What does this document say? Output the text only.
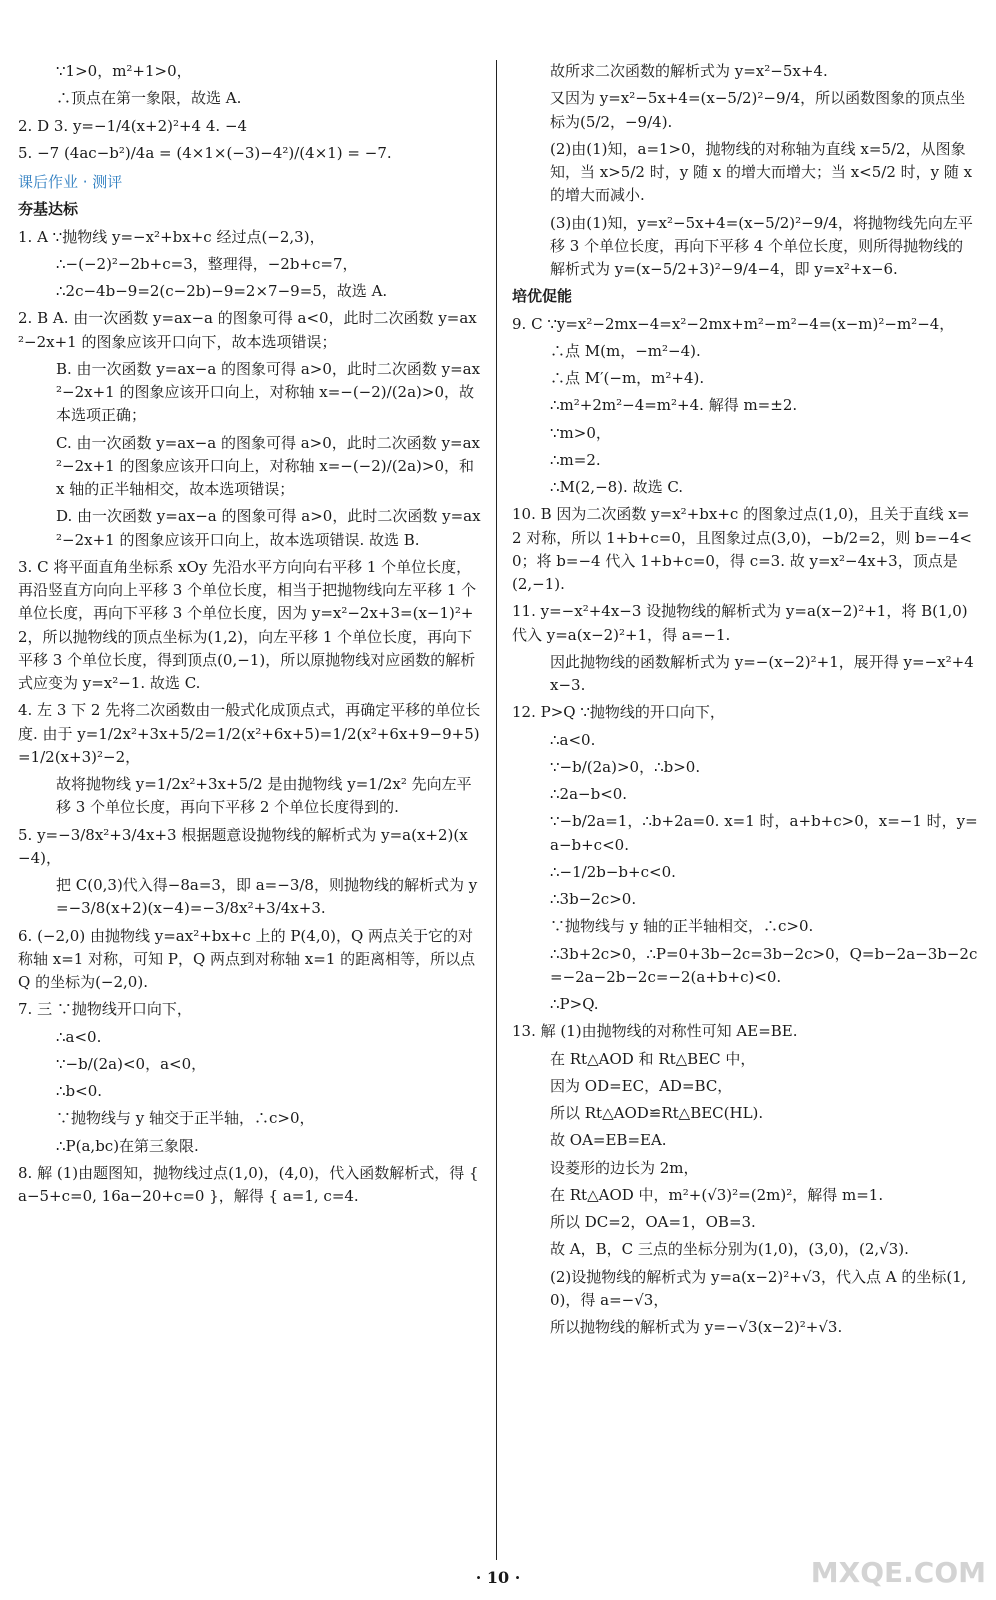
∵1>0，m²+1>0，
∴顶点在第一象限，故选 A.
2. D 3. y=−1/4(x+2)²+4 4. −4
5. −7 (4ac−b²)/4a = (4×1×(−3)−4²)/(4×1) = −7.
课后作业 · 测评
夯基达标
1. A ∵抛物线 y=−x²+bx+c 经过点(−2,3)，
∴−(−2)²−2b+c=3，整理得，−2b+c=7，
∴2c−4b−9=2(c−2b)−9=2×7−9=5，故选 A.
2. B A. 由一次函数 y=ax−a 的图象可得 a<0，此时二次函数 y=ax²−2x+1 的图象应该开口向下，故本选项错误；
B. 由一次函数 y=ax−a 的图象可得 a>0，此时二次函数 y=ax²−2x+1 的图象应该开口向上，对称轴 x=−(−2)/(2a)>0，故本选项正确；
C. 由一次函数 y=ax−a 的图象可得 a>0，此时二次函数 y=ax²−2x+1 的图象应该开口向上，对称轴 x=−(−2)/(2a)>0，和 x 轴的正半轴相交，故本选项错误；
D. 由一次函数 y=ax−a 的图象可得 a>0，此时二次函数 y=ax²−2x+1 的图象应该开口向上，故本选项错误. 故选 B.
3. C 将平面直角坐标系 xOy 先沿水平方向向右平移 1 个单位长度，再沿竖直方向向上平移 3 个单位长度，相当于把抛物线向左平移 1 个单位长度，再向下平移 3 个单位长度，因为 y=x²−2x+3=(x−1)²+2，所以抛物线的顶点坐标为(1,2)，向左平移 1 个单位长度，再向下平移 3 个单位长度，得到顶点(0,−1)，所以原抛物线对应函数的解析式应变为 y=x²−1. 故选 C.
4. 左 3 下 2 先将二次函数由一般式化成顶点式，再确定平移的单位长度. 由于 y=1/2x²+3x+5/2=1/2(x²+6x+5)=1/2(x²+6x+9−9+5)=1/2(x+3)²−2，
故将抛物线 y=1/2x²+3x+5/2 是由抛物线 y=1/2x² 先向左平移 3 个单位长度，再向下平移 2 个单位长度得到的.
5. y=−3/8x²+3/4x+3 根据题意设抛物线的解析式为 y=a(x+2)(x−4)，
把 C(0,3)代入得−8a=3，即 a=−3/8，则抛物线的解析式为 y=−3/8(x+2)(x−4)=−3/8x²+3/4x+3.
6. (−2,0) 由抛物线 y=ax²+bx+c 上的 P(4,0)，Q 两点关于它的对称轴 x=1 对称，可知 P，Q 两点到对称轴 x=1 的距离相等，所以点 Q 的坐标为(−2,0).
7. 三 ∵抛物线开口向下，
∴a<0.
∵−b/(2a)<0，a<0，
∴b<0.
∵抛物线与 y 轴交于正半轴，∴c>0，
∴P(a,bc)在第三象限.
8. 解 (1)由题图知，抛物线过点(1,0)，(4,0)，代入函数解析式，得 { a−5+c=0, 16a−20+c=0 }，解得 { a=1, c=4.
故所求二次函数的解析式为 y=x²−5x+4.
又因为 y=x²−5x+4=(x−5/2)²−9/4，所以函数图象的顶点坐标为(5/2，−9/4).
(2)由(1)知，a=1>0，抛物线的对称轴为直线 x=5/2，从图象知，当 x>5/2 时，y 随 x 的增大而增大；当 x<5/2 时，y 随 x 的增大而减小.
(3)由(1)知，y=x²−5x+4=(x−5/2)²−9/4，将抛物线先向左平移 3 个单位长度，再向下平移 4 个单位长度，则所得抛物线的解析式为 y=(x−5/2+3)²−9/4−4，即 y=x²+x−6.
培优促能
9. C ∵y=x²−2mx−4=x²−2mx+m²−m²−4=(x−m)²−m²−4，
∴点 M(m，−m²−4).
∴点 M′(−m，m²+4).
∴m²+2m²−4=m²+4. 解得 m=±2.
∵m>0，
∴m=2.
∴M(2,−8). 故选 C.
10. B 因为二次函数 y=x²+bx+c 的图象过点(1,0)，且关于直线 x=2 对称，所以 1+b+c=0，且图象过点(3,0)，−b/2=2，则 b=−4<0；将 b=−4 代入 1+b+c=0，得 c=3. 故 y=x²−4x+3，顶点是(2,−1).
11. y=−x²+4x−3 设抛物线的解析式为 y=a(x−2)²+1，将 B(1,0)代入 y=a(x−2)²+1，得 a=−1.
因此抛物线的函数解析式为 y=−(x−2)²+1，展开得 y=−x²+4x−3.
12. P>Q ∵抛物线的开口向下，
∴a<0.
∵−b/(2a)>0，∴b>0.
∴2a−b<0.
∵−b/2a=1，∴b+2a=0. x=1 时，a+b+c>0，x=−1 时，y=a−b+c<0.
∴−1/2b−b+c<0.
∴3b−2c>0.
∵抛物线与 y 轴的正半轴相交，∴c>0.
∴3b+2c>0，∴P=0+3b−2c=3b−2c>0，Q=b−2a−3b−2c=−2a−2b−2c=−2(a+b+c)<0.
∴P>Q.
13. 解 (1)由抛物线的对称性可知 AE=BE.
在 Rt△AOD 和 Rt△BEC 中，
因为 OD=EC，AD=BC，
所以 Rt△AOD≌Rt△BEC(HL).
故 OA=EB=EA.
设菱形的边长为 2m，
在 Rt△AOD 中，m²+(√3)²=(2m)²，解得 m=1.
所以 DC=2，OA=1，OB=3.
故 A，B，C 三点的坐标分别为(1,0)，(3,0)，(2,√3).
(2)设抛物线的解析式为 y=a(x−2)²+√3，代入点 A 的坐标(1,0)，得 a=−√3，
所以抛物线的解析式为 y=−√3(x−2)²+√3.
· 10 ·	MXQE.COM
